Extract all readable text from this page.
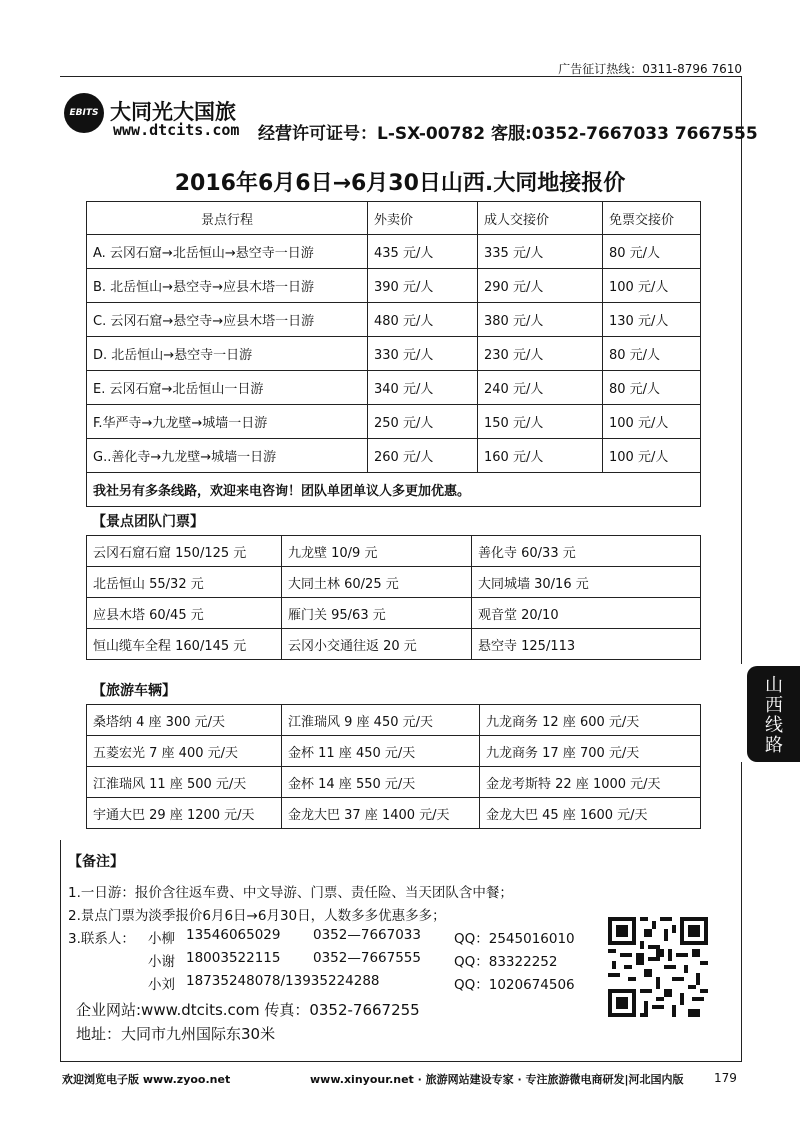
广告征订热线：0311-8796 7610
EBITS 大同光大国旅
www.dtcits.com 经营许可证号：L-SX-00782 客服:0352-7667033 7667555
2016年6月6日→6月30日山西.大同地接报价
景点行程	外卖价	成人交接价	免票交接价
A. 云冈石窟→北岳恒山→悬空寺一日游	435 元/人	335 元/人	80 元/人
B. 北岳恒山→悬空寺→应县木塔一日游	390 元/人	290 元/人	100 元/人
C. 云冈石窟→悬空寺→应县木塔一日游	480 元/人	380 元/人	130 元/人
D. 北岳恒山→悬空寺一日游	330 元/人	230 元/人	80 元/人
E. 云冈石窟→北岳恒山一日游	340 元/人	240 元/人	80 元/人
F.华严寺→九龙壁→城墙一日游	250 元/人	150 元/人	100 元/人
G..善化寺→九龙壁→城墙一日游	260 元/人	160 元/人	100 元/人
我社另有多条线路，欢迎来电咨询！团队单团单议人多更加优惠。			
【景点团队门票】
云冈石窟石窟 150/125 元	九龙壁 10/9 元	善化寺 60/33 元
北岳恒山 55/32 元	大同土林 60/25 元	大同城墙 30/16 元
应县木塔 60/45 元	雁门关 95/63 元	观音堂 20/10
恒山缆车全程 160/145 元	云冈小交通往返 20 元	悬空寺 125/113
【旅游车辆】
桑塔纳 4 座 300 元/天	江淮瑞风 9 座 450 元/天	九龙商务 12 座 600 元/天
五菱宏光 7 座 400 元/天	金杯 11 座 450 元/天	九龙商务 17 座 700 元/天
江淮瑞风 11 座 500 元/天	金杯 14 座 550 元/天	金龙考斯特 22 座 1000 元/天
宇通大巴 29 座 1200 元/天	金龙大巴 37 座 1400 元/天	金龙大巴 45 座 1600 元/天
山
西
线
路
【备注】
1.一日游：报价含往返车费、中文导游、门票、责任险、当天团队含中餐；
2.景点门票为淡季报价6月6日→6月30日，人数多多优惠多多；
3.联系人： 小柳 13546065029 0352—7667033 QQ：2545016010
小谢 18003522115 0352—7667555 QQ：83322252
小刘 18735248078/13935224288	QQ：1020674506
企业网站:www.dtcits.com 传真：0352-7667255
地址：大同市九州国际东30米
欢迎浏览电子版 www.zyoo.net	www.xinyour.net · 旅游网站建设专家 · 专注旅游微电商研发|河北国内版	179
